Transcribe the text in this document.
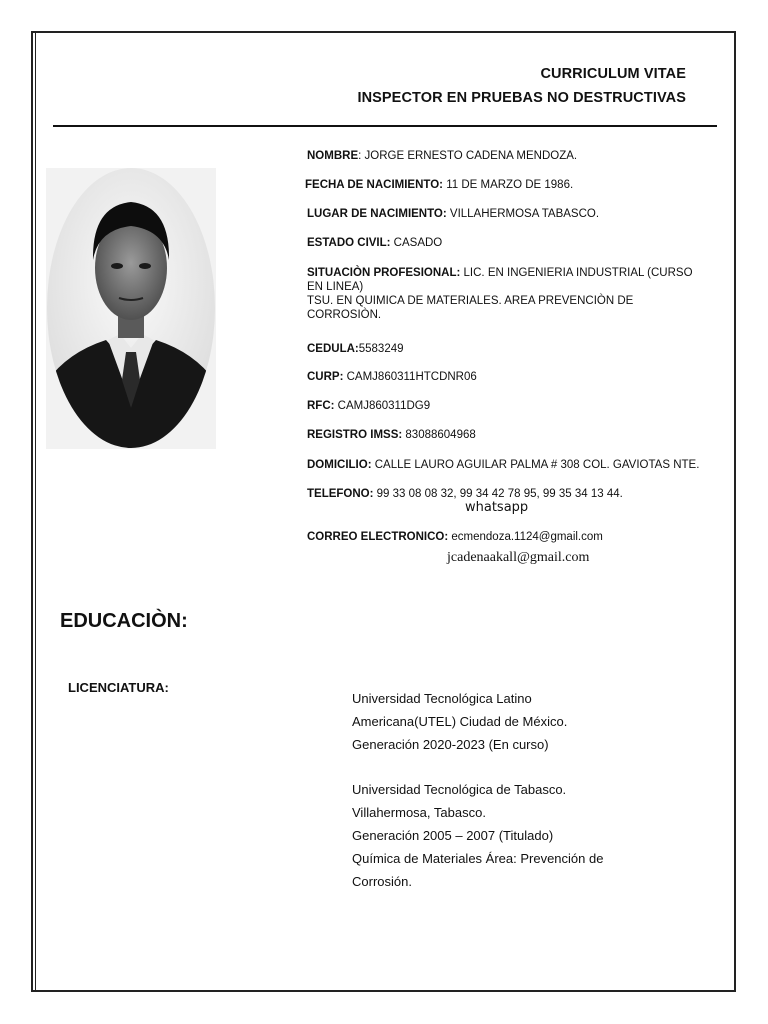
CURRICULUM VITAE
INSPECTOR EN PRUEBAS NO DESTRUCTIVAS
NOMBRE: JORGE ERNESTO CADENA MENDOZA.
FECHA DE NACIMIENTO: 11 DE MARZO DE 1986.
LUGAR DE NACIMIENTO: VILLAHERMOSA TABASCO.
ESTADO CIVIL: CASADO
SITUACIÒN PROFESIONAL: LIC. EN INGENIERIA INDUSTRIAL (CURSO EN LINEA)
TSU. EN QUIMICA DE MATERIALES. AREA PREVENCIÒN DE CORROSIÒN.
CEDULA:5583249
CURP: CAMJ860311HTCDNR06
RFC: CAMJ860311DG9
REGISTRO IMSS: 83088604968
DOMICILIO: CALLE LAURO AGUILAR PALMA # 308 COL. GAVIOTAS NTE.
TELEFONO: 99 33 08 08 32, 99 34 42 78 95, 99 35 34 13 44.
whatsapp
CORREO ELECTRONICO: ecmendoza.1124@gmail.com
jcadenaakall@gmail.com
EDUCACIÒN:
LICENCIATURA:
Universidad Tecnológica Latino
Americana(UTEL) Ciudad de México.
Generación 2020-2023 (En curso)
Universidad Tecnológica de Tabasco.
Villahermosa, Tabasco.
Generación 2005 – 2007 (Titulado)
Química de Materiales Área: Prevención de
Corrosión.
